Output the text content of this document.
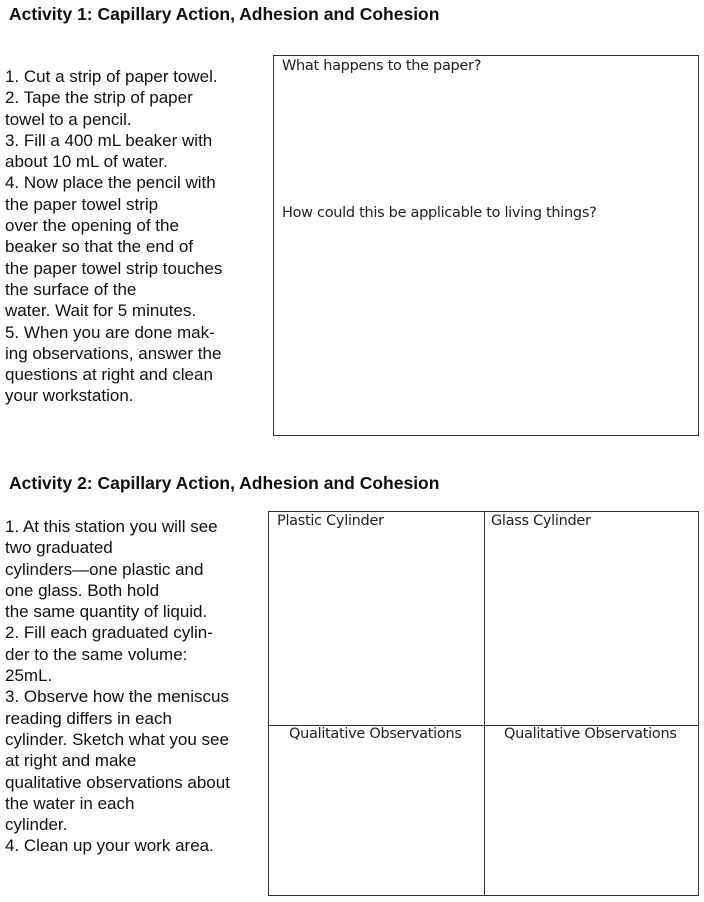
Activity 1: Capillary Action, Adhesion and Cohesion
1. Cut a strip of paper towel.
2. Tape the strip of paper
towel to a pencil.
3. Fill a 400 mL beaker with
about 10 mL of water.
4. Now place the pencil with
the paper towel strip
over the opening of the
beaker so that the end of
the paper towel strip touches
the surface of the
water. Wait for 5 minutes.
5. When you are done mak-
ing observations, answer the
questions at right and clean
your workstation.
What happens to the paper?
How could this be applicable to living things?
Activity 2: Capillary Action, Adhesion and Cohesion
1. At this station you will see
two graduated
cylinders—one plastic and
one glass. Both hold
the same quantity of liquid.
2. Fill each graduated cylin-
der to the same volume:
25mL.
3. Observe how the meniscus
reading differs in each
cylinder. Sketch what you see
at right and make
qualitative observations about
the water in each
cylinder.
4. Clean up your work area.
Plastic Cylinder	Glass Cylinder
Qualitative Observations	Qualitative Observations
